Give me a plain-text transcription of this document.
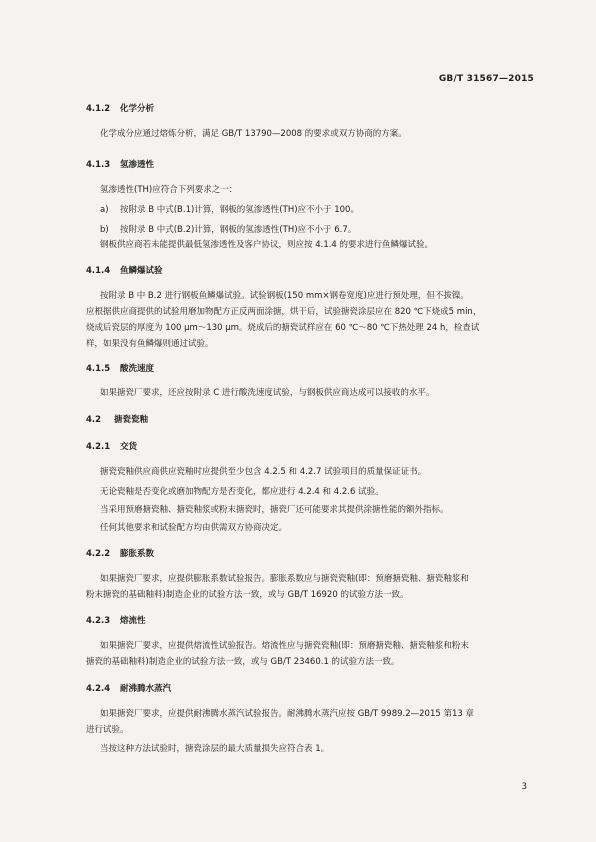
GB/T 31567—2015
4.1.2 化学分析
化学成分应通过熔炼分析，满足 GB/T 13790—2008 的要求或双方协商的方案。
4.1.3 氢渗透性
氢渗透性(TH)应符合下列要求之一：
a) 按附录 B 中式(B.1)计算，钢板的氢渗透性(TH)应不小于 100。
b) 按附录 B 中式(B.2)计算，钢板的氢渗透性(TH)应不小于 6.7。
钢板供应商若未能提供最低氢渗透性及客户协议，则应按 4.1.4 的要求进行鱼鳞爆试验。
4.1.4 鱼鳞爆试验
按附录 B 中 B.2 进行钢板鱼鳞爆试验。试验钢板(150 mm×钢卷宽度)应进行预处理，但不拔镍。
应根据供应商提供的试验用磨加物配方正反两面涂搪，烘干后，试验搪瓷涂层应在 820 ℃下烧成5 min，
烧成后瓷层的厚度为 100 μm～130 μm。烧成后的搪瓷试样应在 60 ℃～80 ℃下热处理 24 h，检查试
样，如果没有鱼鳞爆则通过试验。
4.1.5 酸洗速度
如果搪瓷厂要求，还应按附录 C 进行酸洗速度试验，与钢板供应商达成可以接收的水平。
4.2 搪瓷瓷釉
4.2.1 交货
搪瓷瓷釉供应商供应瓷釉时应提供至少包含 4.2.5 和 4.2.7 试验项目的质量保证证书。
无论瓷釉是否变化或磨加物配方是否变化，都应进行 4.2.4 和 4.2.6 试验。
当采用预磨搪瓷釉、搪瓷釉浆或粉末搪瓷时，搪瓷厂还可能要求其提供涂搪性能的额外指标。
任何其他要求和试验配方均由供需双方协商决定。
4.2.2 膨胀系数
如果搪瓷厂要求，应提供膨胀系数试验报告。膨胀系数应与搪瓷瓷釉(即：预磨搪瓷釉、搪瓷釉浆和
粉末搪瓷的基础釉料)制造企业的试验方法一致，或与 GB/T 16920 的试验方法一致。
4.2.3 熔流性
如果搪瓷厂要求，应提供熔流性试验报告。熔流性应与搪瓷瓷釉(即：预磨搪瓷釉、搪瓷釉浆和粉末
搪瓷的基础釉料)制造企业的试验方法一致，或与 GB/T 23460.1 的试验方法一致。
4.2.4 耐沸腾水蒸汽
如果搪瓷厂要求，应提供耐沸腾水蒸汽试验报告。耐沸腾水蒸汽应按 GB/T 9989.2—2015 第13 章
进行试验。
当按这种方法试验时，搪瓷涂层的最大质量损失应符合表 1。
3
